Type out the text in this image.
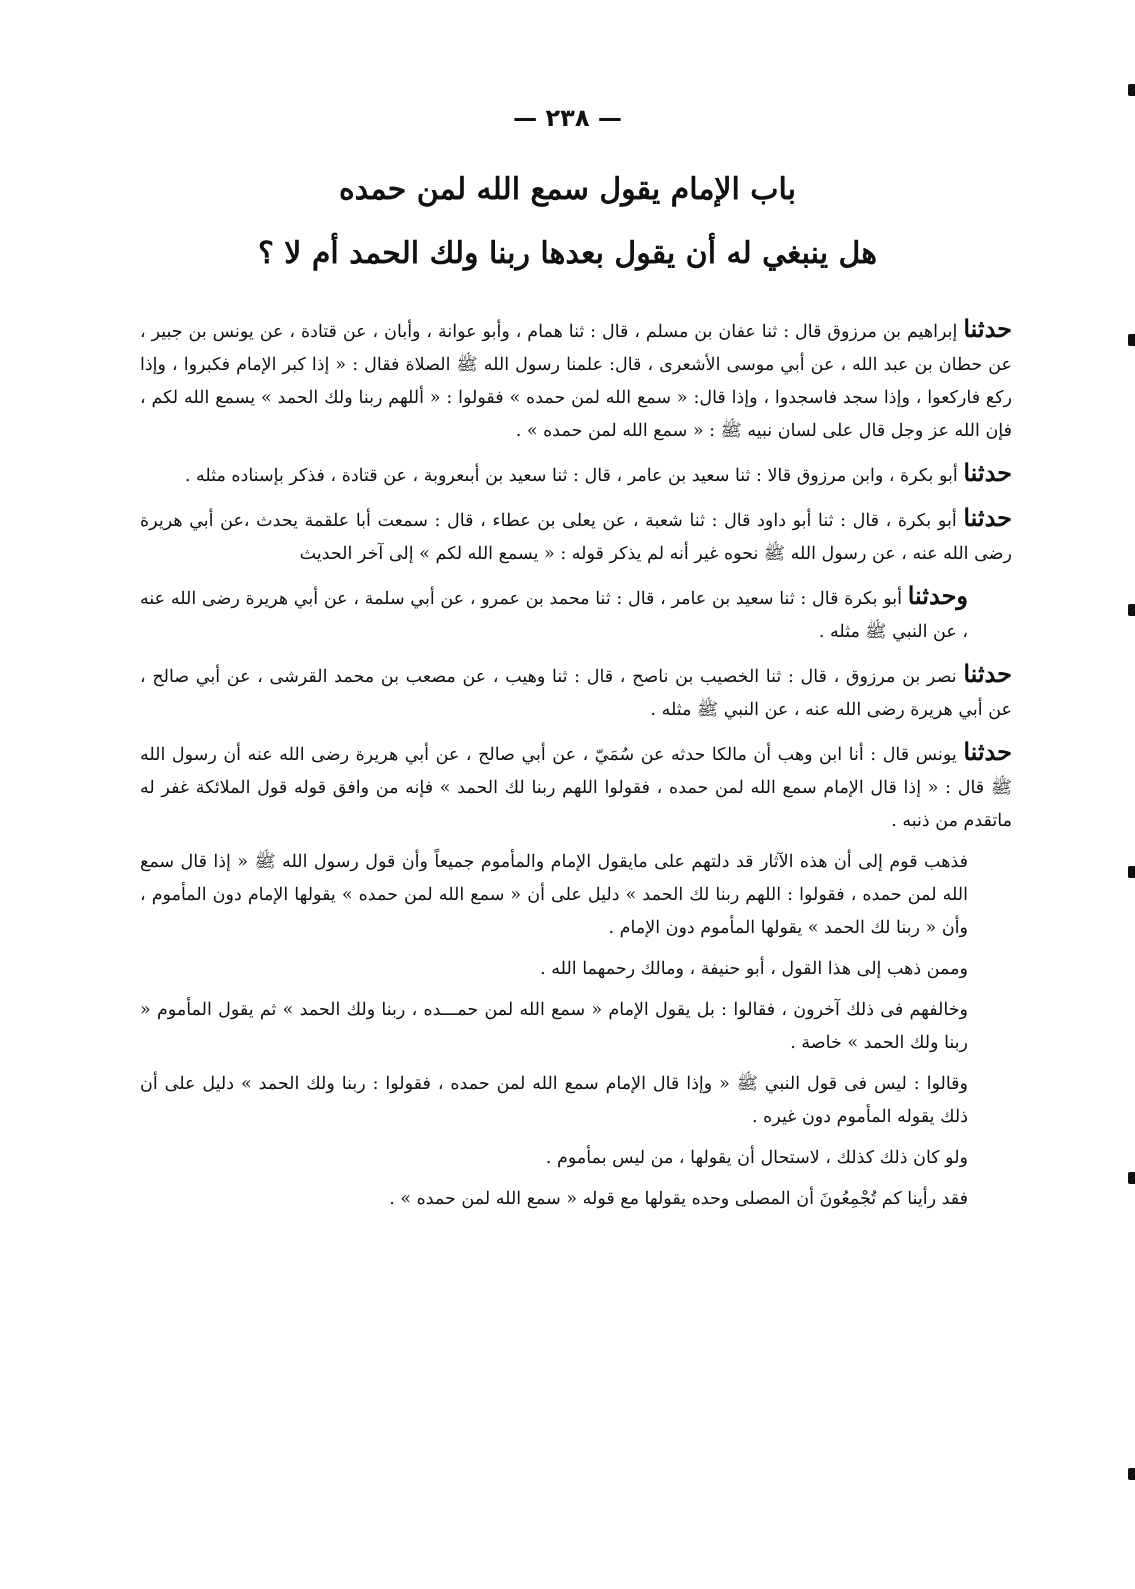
— ٢٣٨ —
باب الإمام يقول سمع الله لمن حمده
هل ينبغي له أن يقول بعدها ربنا ولك الحمد أم لا ؟

حدثنا إبراهيم بن مرزوق قال : ثنا عفان بن مسلم ، قال : ثنا همام ، وأبو عوانة ، وأبان ، عن قتادة ، عن يونس بن جبير ، عن حطان بن عبد الله ، عن أبي موسى الأشعرى ، قال: علمنا رسول الله ﷺ الصلاة فقال : « إذا كبر الإمام فكبروا ، وإذا ركع فاركعوا ، وإذا سجد فاسجدوا ، وإذا قال: « سمع الله لمن حمده » فقولوا : « أللهم ربنا ولك الحمد » يسمع الله لكم ، فإن الله عز وجل قال على لسان نبيه ﷺ : « سمع الله لمن حمده » .

حدثنا أبو بكرة ، وابن مرزوق قالا : ثنا سعيد بن عامر ، قال : ثنا سعيد بن أبىعروبة ، عن قتادة ، فذكر بإسناده مثله .

حدثنا أبو بكرة ، قال : ثنا أبو داود قال : ثنا شعبة ، عن يعلى بن عطاء ، قال : سمعت أبا علقمة يحدث ،عن أبي هريرة رضى الله عنه ، عن رسول الله ﷺ نحوه غير أنه لم يذكر قوله : « يسمع الله لكم » إلى آخر الحديث

وحدثنا أبو بكرة قال : ثنا سعيد بن عامر ، قال : ثنا محمد بن عمرو ، عن أبي سلمة ، عن أبي هريرة رضى الله عنه ، عن النبي ﷺ مثله .

حدثنا نصر بن مرزوق ، قال : ثنا الخصيب بن ناصح ، قال : ثنا وهيب ، عن مصعب بن محمد القرشى ، عن أبي صالح ، عن أبي هريرة رضى الله عنه ، عن النبي ﷺ مثله .

حدثنا يونس قال : أنا ابن وهب أن مالكا حدثه عن سُمَيّ ، عن أبي صالح ، عن أبي هريرة رضى الله عنه أن رسول الله ﷺ قال : « إذا قال الإمام سمع الله لمن حمده ، فقولوا اللهم ربنا لك الحمد » فإنه من وافق قوله قول الملائكة غفر له ماتقدم من ذنبه .

فذهب قوم إلى أن هذه الآثار قد دلتهم على مايقول الإمام والمأموم جميعاً وأن قول رسول الله ﷺ « إذا قال سمع الله لمن حمده ، فقولوا : اللهم ربنا لك الحمد » دليل على أن « سمع الله لمن حمده » يقولها الإمام دون المأموم ، وأن « ربنا لك الحمد » يقولها المأموم دون الإمام .

وممن ذهب إلى هذا القول ، أبو حنيفة ، ومالك رحمهما الله .

وخالفهم فى ذلك آخرون ، فقالوا : بل يقول الإمام « سمع الله لمن حمـــده ، ربنا ولك الحمد » ثم يقول المأموم « ربنا ولك الحمد » خاصة .

وقالوا : ليس فى قول النبي ﷺ « وإذا قال الإمام سمع الله لمن حمده ، فقولوا : ربنا ولك الحمد » دليل على أن ذلك يقوله المأموم دون غيره .

ولو كان ذلك كذلك ، لاستحال أن يقولها ، من ليس بمأموم .

فقد رأينا كم تُجْمِعُونَ أن المصلى وحده يقولها مع قوله « سمع الله لمن حمده » .
